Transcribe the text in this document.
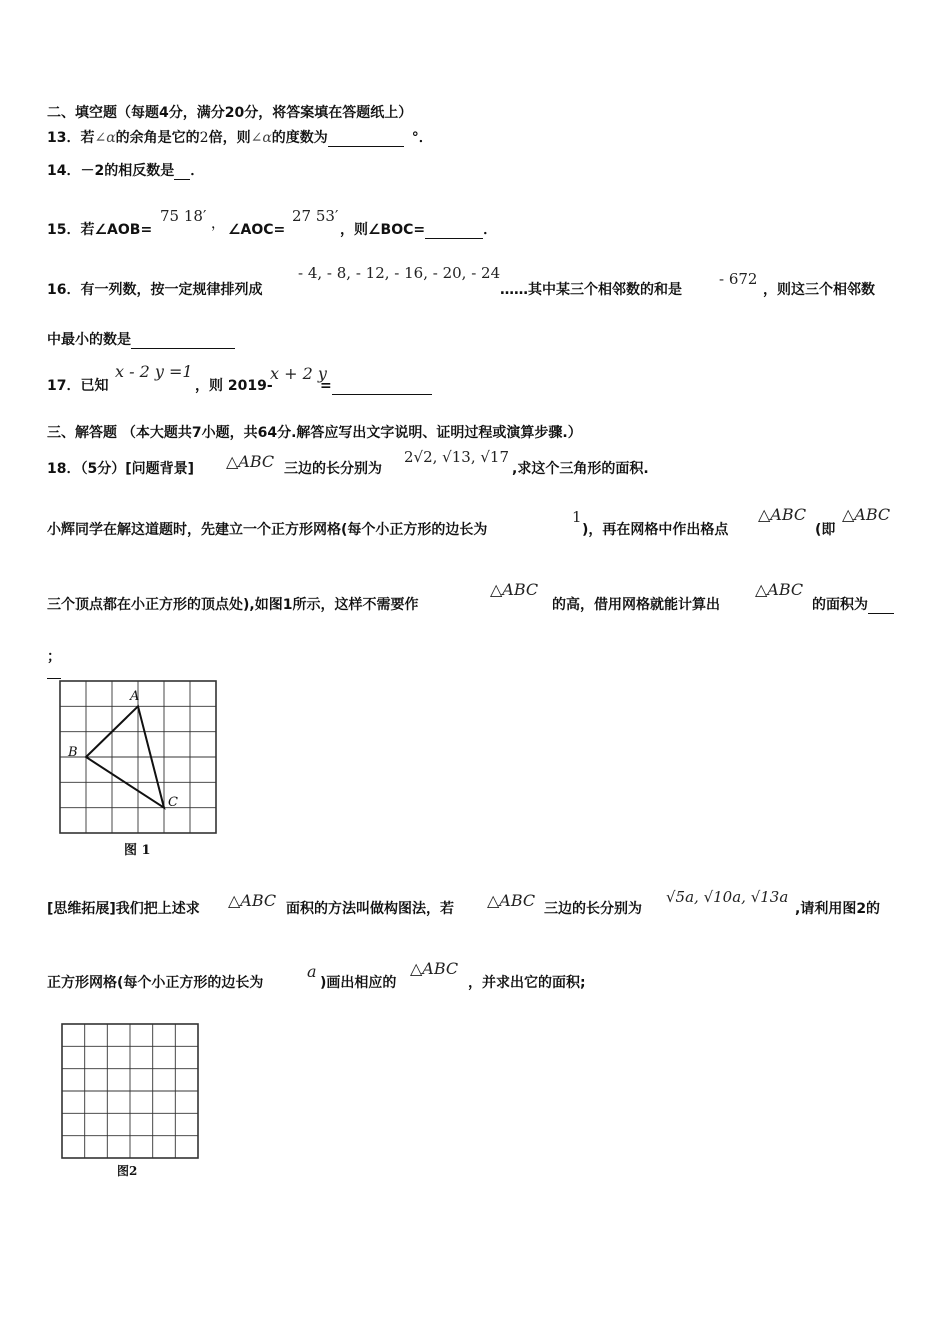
二、填空题（每题4分，满分20分，将答案填在答题纸上）
13．若∠α的余角是它的2倍，则∠α的度数为	°．
14．－2的相反数是 ．
15．若∠AOB=
75 18′ ， ∠AOC=
27 53′
，则∠BOC=	．
16．有一列数，按一定规律排列成
- 4, - 8, - 12, - 16, - 20, - 24
……其中某三个相邻数的和是
- 672
，则这三个相邻数
中最小的数是
17．已知
x - 2 y =1
，则 2019-
x + 2 y
=
三、解答题 （本大题共7小题，共64分.解答应写出文字说明、证明过程或演算步骤.）
18．（5分）[问题背景] △ABC 三边的长分别为
2√2, √13, √17
,求这个三角形的面积.
小辉同学在解这道题时，先建立一个正方形网格(每个小正方形的边长为
1
)，再在网格中作出格点
△ABC
(即
△ABC
三个顶点都在小正方形的顶点处),如图1所示，这样不需要作
△ABC
的高，借用网格就能计算出
△ABC
的面积为
；
A
B
C
图 1
[思维拓展]我们把上述求 △ABC 面积的方法叫做构图法，若 △ABC 三边的长分别为
√5a, √10a, √13a
,请利用图2的
正方形网格(每个小正方形的边长为
a
)画出相应的
△ABC
，并求出它的面积;
图2
